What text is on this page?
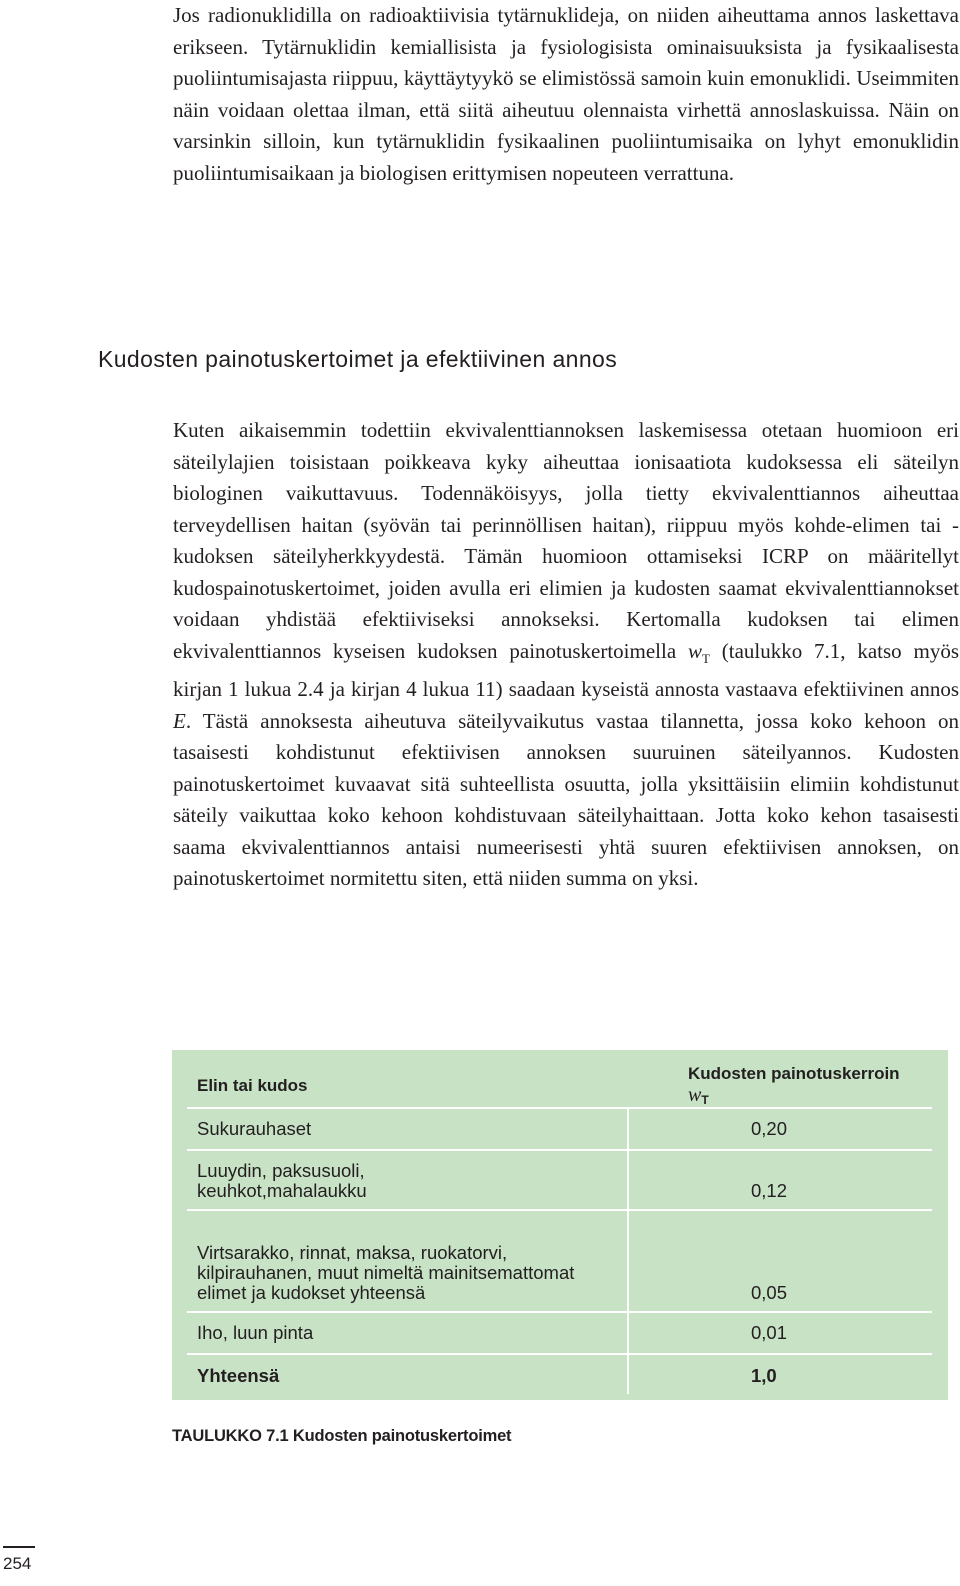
Jos radionuklidilla on radioaktiivisia tytärnuklideja, on niiden aiheuttama annos laskettava erikseen. Tytärnuklidin kemiallisista ja fysiologisista ominaisuuksista ja fysikaalisesta puoliintumisajasta riippuu, käyttäytyykö se elimistössä samoin kuin emonuklidi. Useimmiten näin voidaan olettaa ilman, että siitä aiheutuu olennaista virhettä annoslaskuissa. Näin on varsinkin silloin, kun tytärnuklidin fysikaalinen puoliintumisaika on lyhyt emonuklidin puoliintumisaikaan ja biologisen erittymisen nopeuteen verrattuna.

Kudosten painotuskertoimet ja efektiivinen annos

Kuten aikaisemmin todettiin ekvivalenttiannoksen laskemisessa otetaan huomioon eri säteilylajien toisistaan poikkeava kyky aiheuttaa ionisaatiota kudoksessa eli säteilyn biologinen vaikuttavuus. Todennäköisyys, jolla tietty ekvivalenttiannos aiheuttaa terveydellisen haitan (syövän tai perinnöllisen haitan), riippuu myös kohde-elimen tai -kudoksen säteilyherkkyydestä. Tämän huomioon ottamiseksi ICRP on määritellyt kudospainotuskertoimet, joiden avulla eri elimien ja kudosten saamat ekvivalenttiannokset voidaan yhdistää efektiiviseksi annokseksi. Kertomalla kudoksen tai elimen ekvivalenttiannos kyseisen kudoksen painotuskertoimella $w_T$ (taulukko 7.1, katso myös kirjan 1 lukua 2.4 ja kirjan 4 lukua 11) saadaan kyseistä annosta vastaava efektiivinen annos E. Tästä annoksesta aiheutuva säteilyvaikutus vastaa tilannetta, jossa koko kehoon on tasaisesti kohdistunut efektiivisen annoksen suuruinen säteilyannos. Kudosten painotuskertoimet kuvaavat sitä suhteellista osuutta, jolla yksittäisiin elimiin kohdistunut säteily vaikuttaa koko kehoon kohdistuvaan säteilyhaittaan. Jotta koko kehon tasaisesti saama ekvivalenttiannos antaisi numeerisesti yhtä suuren efektiivisen annoksen, on painotuskertoimet normitettu siten, että niiden summa on yksi.

Elin tai kudos	Kudosten painotuskerroin $w_T$
Sukurauhaset	0,20

Luuydin, paksusuoli, keuhkot,mahalaukku	0,12

Virtsarakko, rinnat, maksa, ruokatorvi, kilpirauhanen, muut nimeltä mainitsemattomat elimet ja kudokset yhteensä	0,05
Iho, luun pinta	0,01
Yhteensä	1,0

TAULUKKO 7.1 Kudosten painotuskertoimet

254
